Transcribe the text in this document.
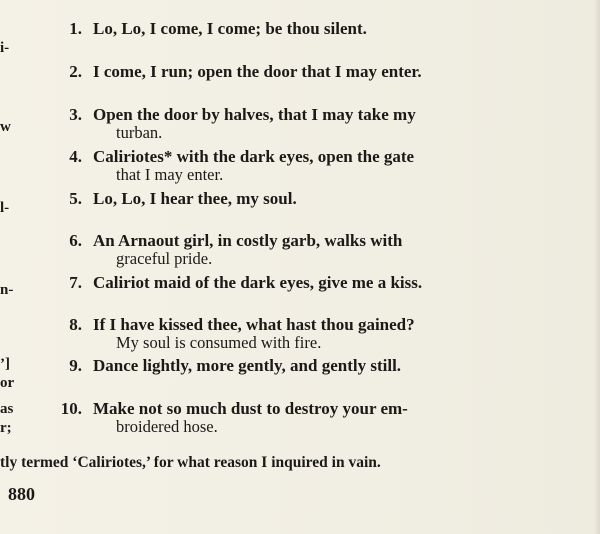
i-
w
l-
n-
’]
or
as
r;
1. Lo, Lo, I come, I come; be thou silent.
2. I come, I run; open the door that I may enter.
3. Open the door by halves, that I may take my
turban.
4. Caliriotes* with the dark eyes, open the gate
that I may enter.
5. Lo, Lo, I hear thee, my soul.
6. An Arnaout girl, in costly garb, walks with
graceful pride.
7. Caliriot maid of the dark eyes, give me a kiss.
8. If I have kissed thee, what hast thou gained?
My soul is consumed with fire.
9. Dance lightly, more gently, and gently still.
10. Make not so much dust to destroy your em-
broidered hose.
tly termed ‘Caliriotes,’ for what reason I inquired in vain.
880
